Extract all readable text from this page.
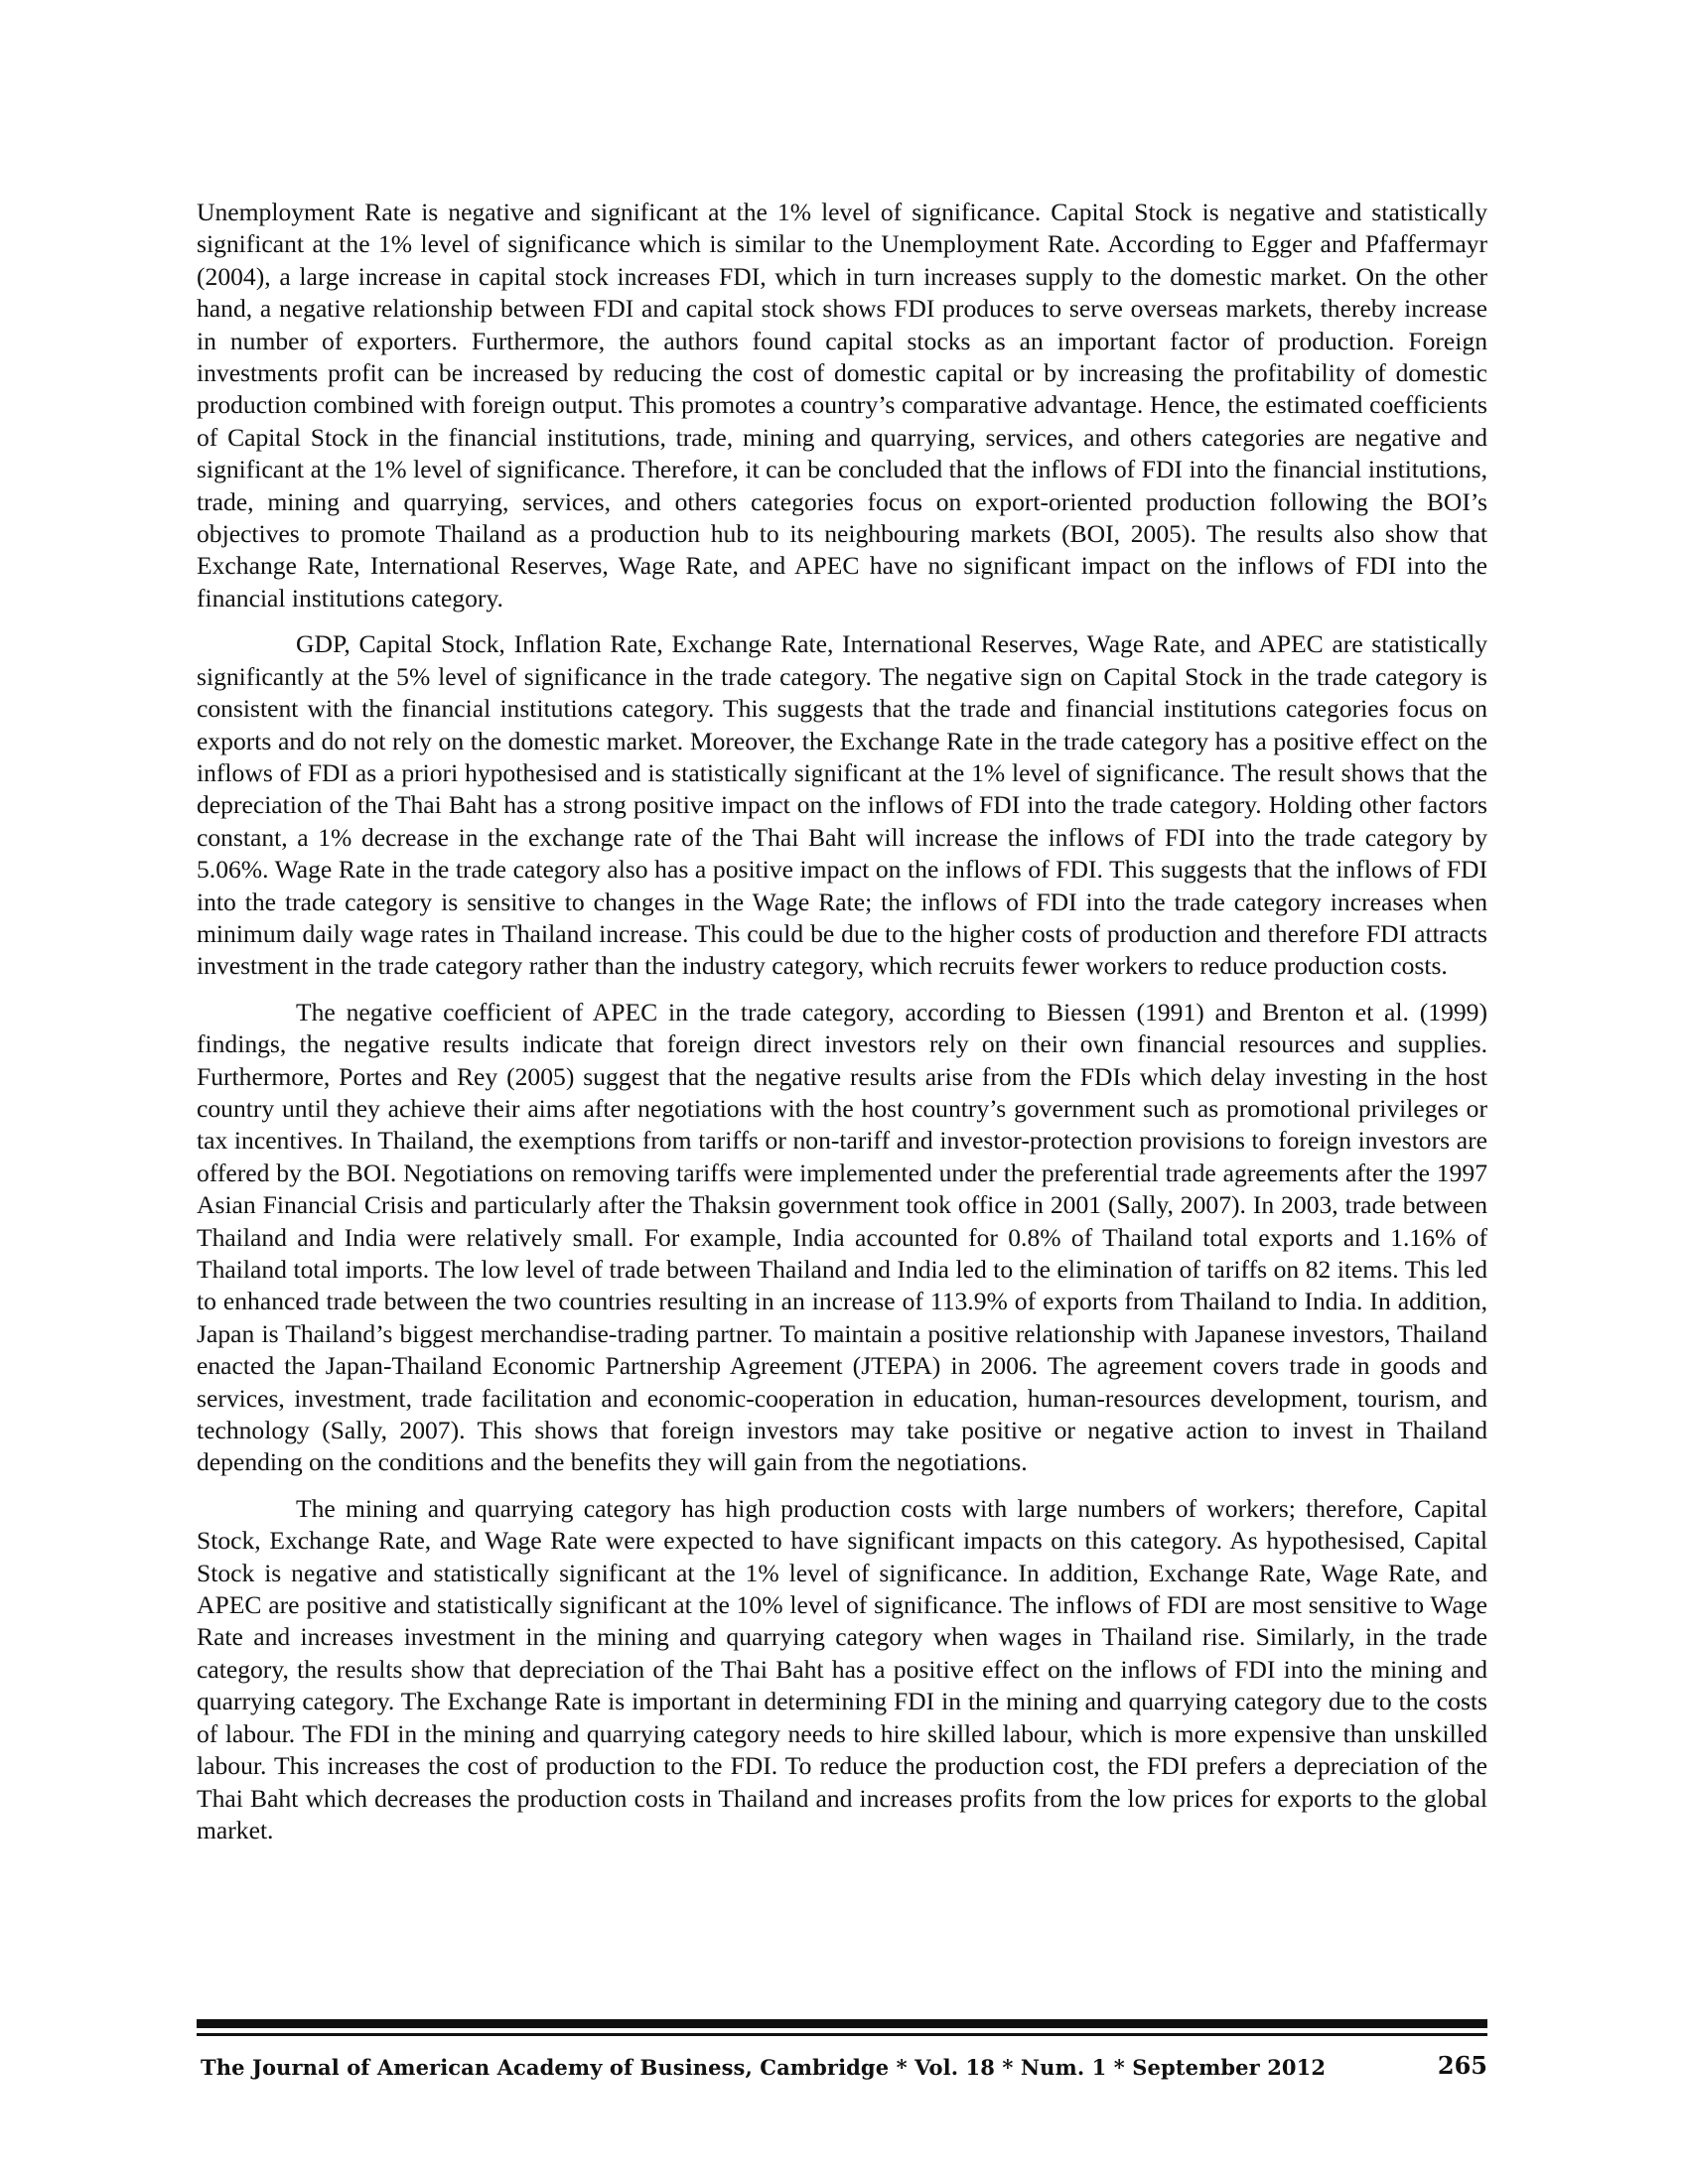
Unemployment Rate is negative and significant at the 1% level of significance. Capital Stock is negative and statistically significant at the 1% level of significance which is similar to the Unemployment Rate. According to Egger and Pfaffermayr (2004), a large increase in capital stock increases FDI, which in turn increases supply to the domestic market. On the other hand, a negative relationship between FDI and capital stock shows FDI produces to serve overseas markets, thereby increase in number of exporters. Furthermore, the authors found capital stocks as an important factor of production. Foreign investments profit can be increased by reducing the cost of domestic capital or by increasing the profitability of domestic production combined with foreign output. This promotes a country’s comparative advantage. Hence, the estimated coefficients of Capital Stock in the financial institutions, trade, mining and quarrying, services, and others categories are negative and significant at the 1% level of significance. Therefore, it can be concluded that the inflows of FDI into the financial institutions, trade, mining and quarrying, services, and others categories focus on export-oriented production following the BOI’s objectives to promote Thailand as a production hub to its neighbouring markets (BOI, 2005). The results also show that Exchange Rate, International Reserves, Wage Rate, and APEC have no significant impact on the inflows of FDI into the financial institutions category.

GDP, Capital Stock, Inflation Rate, Exchange Rate, International Reserves, Wage Rate, and APEC are statistically significantly at the 5% level of significance in the trade category. The negative sign on Capital Stock in the trade category is consistent with the financial institutions category. This suggests that the trade and financial institutions categories focus on exports and do not rely on the domestic market. Moreover, the Exchange Rate in the trade category has a positive effect on the inflows of FDI as a priori hypothesised and is statistically significant at the 1% level of significance. The result shows that the depreciation of the Thai Baht has a strong positive impact on the inflows of FDI into the trade category. Holding other factors constant, a 1% decrease in the exchange rate of the Thai Baht will increase the inflows of FDI into the trade category by 5.06%. Wage Rate in the trade category also has a positive impact on the inflows of FDI. This suggests that the inflows of FDI into the trade category is sensitive to changes in the Wage Rate; the inflows of FDI into the trade category increases when minimum daily wage rates in Thailand increase. This could be due to the higher costs of production and therefore FDI attracts investment in the trade category rather than the industry category, which recruits fewer workers to reduce production costs.

The negative coefficient of APEC in the trade category, according to Biessen (1991) and Brenton et al. (1999) findings, the negative results indicate that foreign direct investors rely on their own financial resources and supplies. Furthermore, Portes and Rey (2005) suggest that the negative results arise from the FDIs which delay investing in the host country until they achieve their aims after negotiations with the host country’s government such as promotional privileges or tax incentives. In Thailand, the exemptions from tariffs or non-tariff and investor-protection provisions to foreign investors are offered by the BOI. Negotiations on removing tariffs were implemented under the preferential trade agreements after the 1997 Asian Financial Crisis and particularly after the Thaksin government took office in 2001 (Sally, 2007). In 2003, trade between Thailand and India were relatively small. For example, India accounted for 0.8% of Thailand total exports and 1.16% of Thailand total imports. The low level of trade between Thailand and India led to the elimination of tariffs on 82 items. This led to enhanced trade between the two countries resulting in an increase of 113.9% of exports from Thailand to India. In addition, Japan is Thailand’s biggest merchandise-trading partner. To maintain a positive relationship with Japanese investors, Thailand enacted the Japan-Thailand Economic Partnership Agreement (JTEPA) in 2006. The agreement covers trade in goods and services, investment, trade facilitation and economic-cooperation in education, human-resources development, tourism, and technology (Sally, 2007). This shows that foreign investors may take positive or negative action to invest in Thailand depending on the conditions and the benefits they will gain from the negotiations.

The mining and quarrying category has high production costs with large numbers of workers; therefore, Capital Stock, Exchange Rate, and Wage Rate were expected to have significant impacts on this category. As hypothesised, Capital Stock is negative and statistically significant at the 1% level of significance. In addition, Exchange Rate, Wage Rate, and APEC are positive and statistically significant at the 10% level of significance. The inflows of FDI are most sensitive to Wage Rate and increases investment in the mining and quarrying category when wages in Thailand rise. Similarly, in the trade category, the results show that depreciation of the Thai Baht has a positive effect on the inflows of FDI into the mining and quarrying category. The Exchange Rate is important in determining FDI in the mining and quarrying category due to the costs of labour. The FDI in the mining and quarrying category needs to hire skilled labour, which is more expensive than unskilled labour. This increases the cost of production to the FDI. To reduce the production cost, the FDI prefers a depreciation of the Thai Baht which decreases the production costs in Thailand and increases profits from the low prices for exports to the global market.

The Journal of American Academy of Business, Cambridge * Vol. 18 * Num. 1 * September 2012	265
